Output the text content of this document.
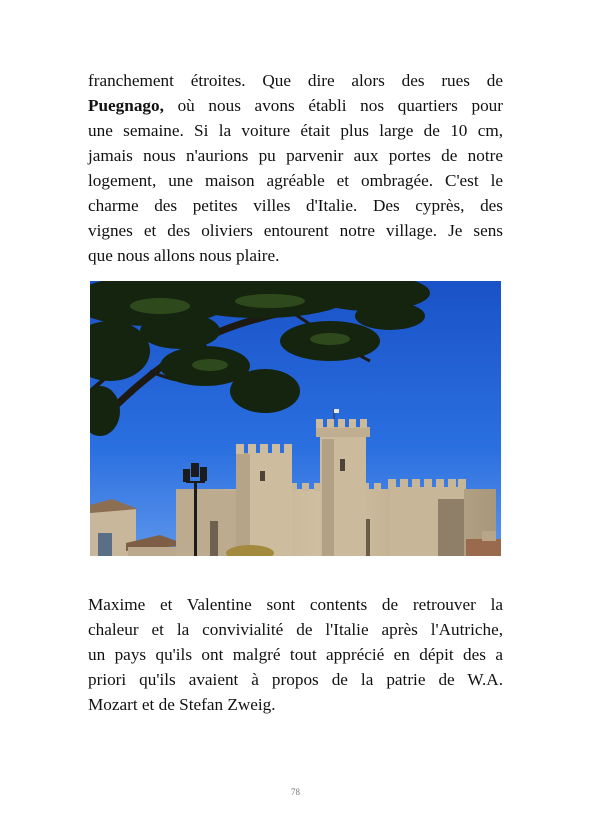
franchement étroites. Que dire alors des rues de
Puegnago, où nous avons établi nos quartiers pour
une semaine. Si la voiture était plus large de 10 cm,
jamais nous n'aurions pu parvenir aux portes de notre
logement, une maison agréable et ombragée. C'est le
charme des petites villes d'Italie. Des cyprès, des
vignes et des oliviers entourent notre village. Je sens
que nous allons nous plaire.

Maxime et Valentine sont contents de retrouver la
chaleur et la convivialité de l'Italie après l'Autriche,
un pays qu'ils ont malgré tout apprécié en dépit des a
priori qu'ils avaient à propos de la patrie de W.A.
Mozart et de Stefan Zweig.

78
